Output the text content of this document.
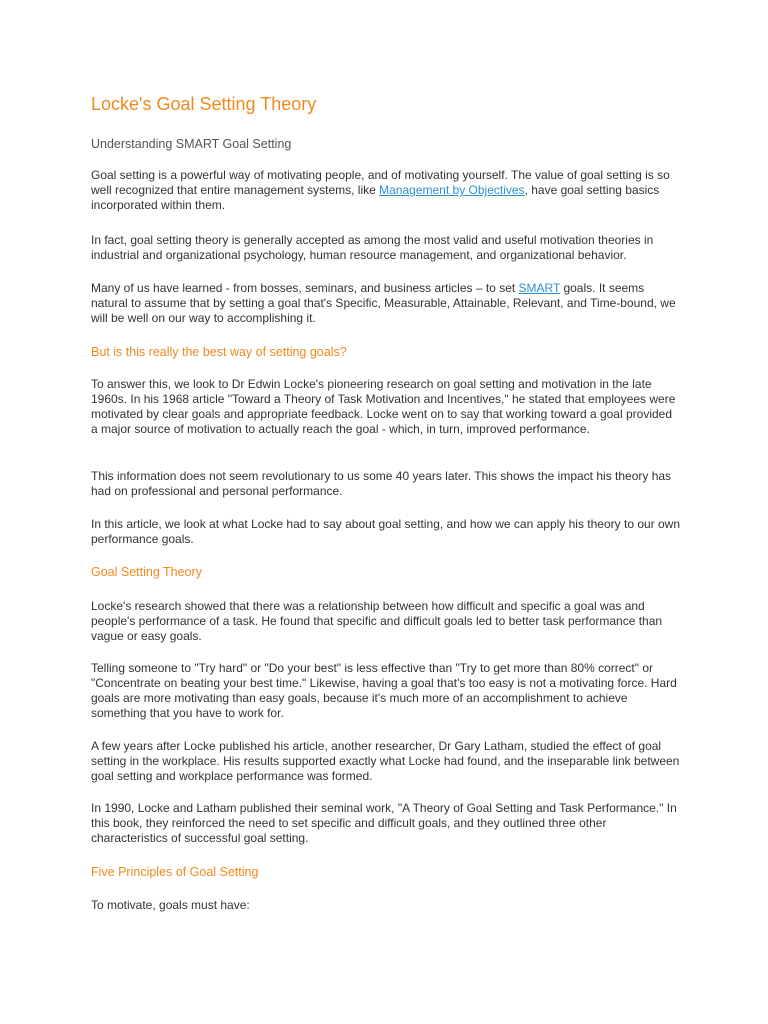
Locke's Goal Setting Theory

Understanding SMART Goal Setting

Goal setting is a powerful way of motivating people, and of motivating yourself. The value of goal setting is so well recognized that entire management systems, like Management by Objectives, have goal setting basics incorporated within them.

In fact, goal setting theory is generally accepted as among the most valid and useful motivation theories in industrial and organizational psychology, human resource management, and organizational behavior.

Many of us have learned - from bosses, seminars, and business articles – to set SMART goals. It seems natural to assume that by setting a goal that's Specific, Measurable, Attainable, Relevant, and Time-bound, we will be well on our way to accomplishing it.

But is this really the best way of setting goals?

To answer this, we look to Dr Edwin Locke's pioneering research on goal setting and motivation in the late 1960s. In his 1968 article "Toward a Theory of Task Motivation and Incentives," he stated that employees were motivated by clear goals and appropriate feedback. Locke went on to say that working toward a goal provided a major source of motivation to actually reach the goal - which, in turn, improved performance.

This information does not seem revolutionary to us some 40 years later. This shows the impact his theory has had on professional and personal performance.

In this article, we look at what Locke had to say about goal setting, and how we can apply his theory to our own performance goals.

Goal Setting Theory

Locke's research showed that there was a relationship between how difficult and specific a goal was and people's performance of a task. He found that specific and difficult goals led to better task performance than vague or easy goals.

Telling someone to "Try hard" or "Do your best" is less effective than "Try to get more than 80% correct" or "Concentrate on beating your best time." Likewise, having a goal that's too easy is not a motivating force. Hard goals are more motivating than easy goals, because it's much more of an accomplishment to achieve something that you have to work for.

A few years after Locke published his article, another researcher, Dr Gary Latham, studied the effect of goal setting in the workplace. His results supported exactly what Locke had found, and the inseparable link between goal setting and workplace performance was formed.

In 1990, Locke and Latham published their seminal work, "A Theory of Goal Setting and Task Performance." In this book, they reinforced the need to set specific and difficult goals, and they outlined three other characteristics of successful goal setting.

Five Principles of Goal Setting

To motivate, goals must have:
